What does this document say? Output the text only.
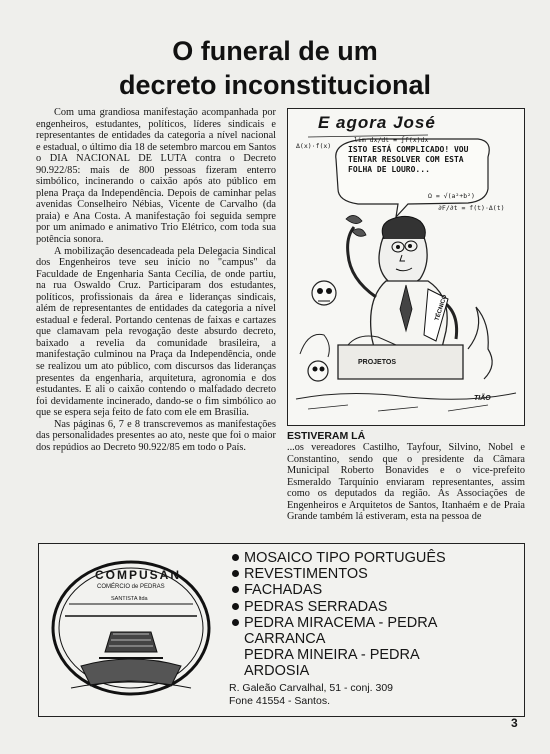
O funeral de um
decreto inconstitucional

Com uma grandiosa manifestação acompanhada por engenheiros, estudantes, políticos, líderes sindicais e representantes de entidades da categoria a nível nacional e estadual, o último dia 18 de setembro marcou em Santos o DIA NACIONAL DE LUTA contra o Decreto 90.922/85: mais de 800 pessoas fizeram enterro simbólico, incinerando o caixão após ato público em plena Praça da Independência. Depois de caminhar pelas avenidas Conselheiro Nébias, Vicente de Carvalho (da praia) e Ana Costa. A manifestação foi seguida sempre por um animado e animativo Trio Elétrico, com toda sua potência sonora.

A mobilização desencadeada pela Delegacia Sindical dos Engenheiros teve seu início no "campus" da Faculdade de Engenharia Santa Cecília, de onde partiu, na rua Oswaldo Cruz. Participaram dos estudantes, políticos, profissionais da área e lideranças sindicais, além de representantes de entidades da categoria a nível estadual e federal. Portando centenas de faixas e cartazes que clamavam pela revogação deste absurdo decreto, baixado a revelia da comunidade brasileira, a manifestação culminou na Praça da Independência, onde se realizou um ato público, com discursos das lideranças presentes da engenharia, arquitetura, agronomia e dos estudantes. E ali o caixão contendo o malfadado decreto foi devidamente incinerado, dando-se o fim simbólico ao que se espera seja feito de fato com ele em Brasília.

Nas páginas 6, 7 e 8 transcrevemos as manifestações das personalidades presentes ao ato, neste que foi o maior dos repúdios ao Decreto 90.922/85 em todo o País.

E agora José
ISTO ESTÁ COMPLICADO! VOU TENTAR RESOLVER COM ESTA FOLHA DE LOURO...
Δ(x)·f(x)
lim dx/dt = ∫f(x)dx
∂F/∂t = f(t)·Δ(t)
Ω = √(a²+b²)
PROJETOS
TÉCNICO
TIÃO
ESTIVERAM LÁ

...os vereadores Castilho, Tayfour, Silvino, Nobel e Constantino, sendo que o presidente da Câmara Municipal Roberto Bonavides e o vice-prefeito Esmeraldo Tarquínio enviaram representantes, assim como os deputados da região. As Associações de Engenheiros e Arquitetos de Santos, Itanhaém e de Praia Grande também lá estiveram, esta na pessoa de

COMPUSAN
COMÉRCIO de PEDRAS
SANTISTA ltda
MOSAICO TIPO PORTUGUÊS
REVESTIMENTOS
FACHADAS
PEDRAS SERRADAS
PEDRA MIRACEMA - PEDRA
CARRANCA
PEDRA MINEIRA - PEDRA
ARDOSIA
R. Galeão Carvalhal, 51 - conj. 309
Fone 41554 - Santos.
3
